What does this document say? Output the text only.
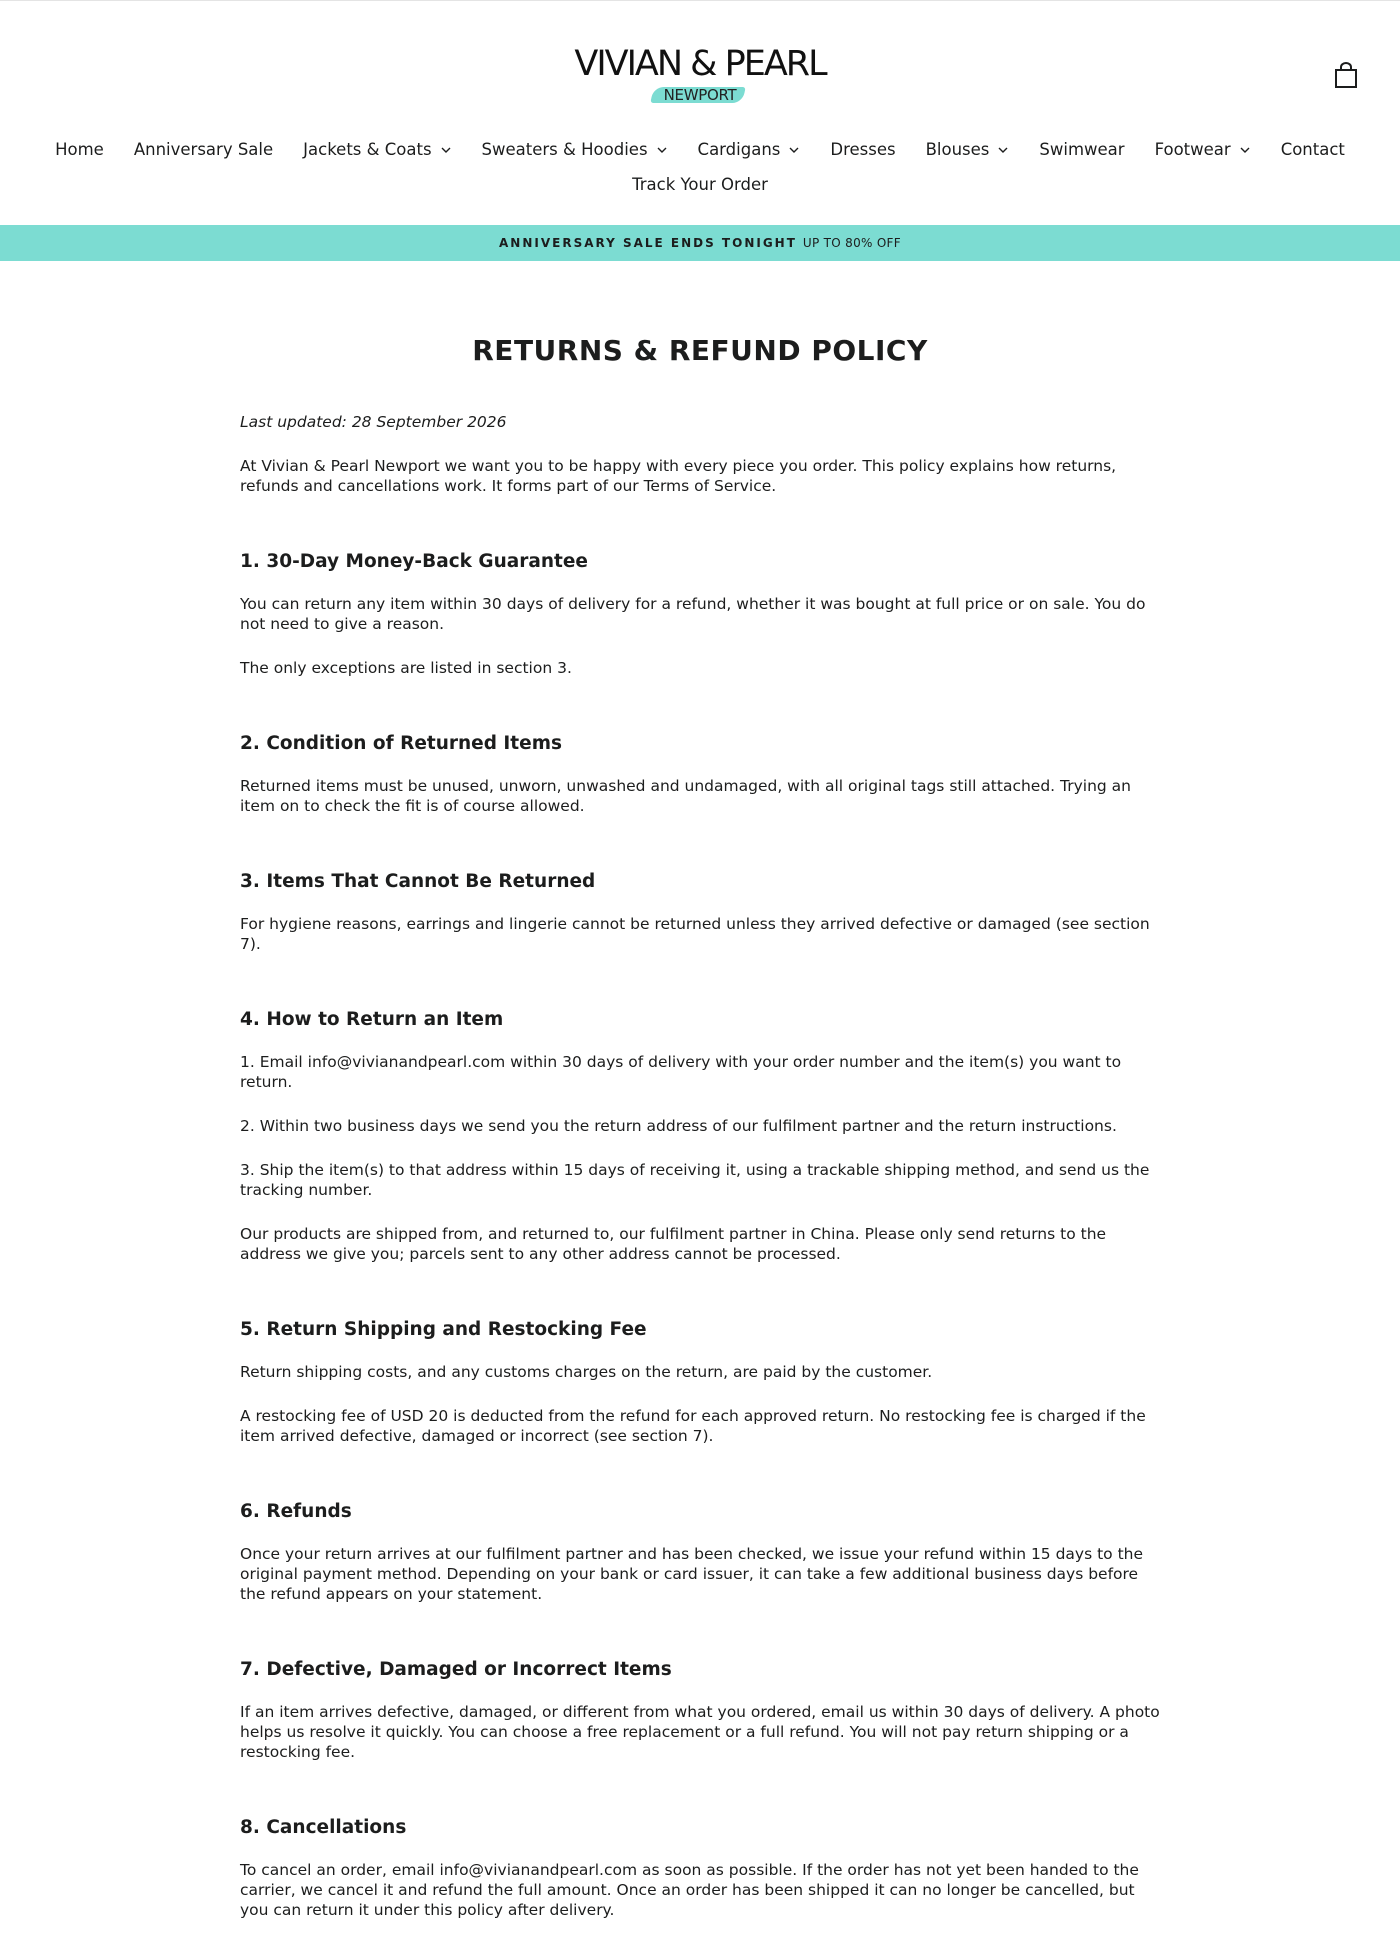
VIVIAN & PEARL
NEWPORT
Home Anniversary Sale Jackets & Coats	Sweaters & Hoodies	Cardigans	Dresses Blouses	Swimwear Footwear	Contact
Track Your Order
ANNIVERSARY SALE ENDS TONIGHT UP TO 80% OFF
RETURNS & REFUND POLICY

Last updated: 28 September 2026

At Vivian & Pearl Newport we want you to be happy with every piece you order. This policy explains how returns, refunds and cancellations work. It forms part of our Terms of Service.

1. 30-Day Money-Back Guarantee

You can return any item within 30 days of delivery for a refund, whether it was bought at full price or on sale. You do not need to give a reason.

The only exceptions are listed in section 3.

2. Condition of Returned Items

Returned items must be unused, unworn, unwashed and undamaged, with all original tags still attached. Trying an item on to check the fit is of course allowed.

3. Items That Cannot Be Returned

For hygiene reasons, earrings and lingerie cannot be returned unless they arrived defective or damaged (see section 7).

4. How to Return an Item

1. Email info@vivianandpearl.com within 30 days of delivery with your order number and the item(s) you want to return.

2. Within two business days we send you the return address of our fulfilment partner and the return instructions.

3. Ship the item(s) to that address within 15 days of receiving it, using a trackable shipping method, and send us the tracking number.

Our products are shipped from, and returned to, our fulfilment partner in China. Please only send returns to the address we give you; parcels sent to any other address cannot be processed.

5. Return Shipping and Restocking Fee

Return shipping costs, and any customs charges on the return, are paid by the customer.

A restocking fee of USD 20 is deducted from the refund for each approved return. No restocking fee is charged if the item arrived defective, damaged or incorrect (see section 7).

6. Refunds

Once your return arrives at our fulfilment partner and has been checked, we issue your refund within 15 days to the original payment method. Depending on your bank or card issuer, it can take a few additional business days before the refund appears on your statement.

7. Defective, Damaged or Incorrect Items

If an item arrives defective, damaged, or different from what you ordered, email us within 30 days of delivery. A photo helps us resolve it quickly. You can choose a free replacement or a full refund. You will not pay return shipping or a restocking fee.

8. Cancellations

To cancel an order, email info@vivianandpearl.com as soon as possible. If the order has not yet been handed to the carrier, we cancel it and refund the full amount. Once an order has been shipped it can no longer be cancelled, but you can return it under this policy after delivery.
